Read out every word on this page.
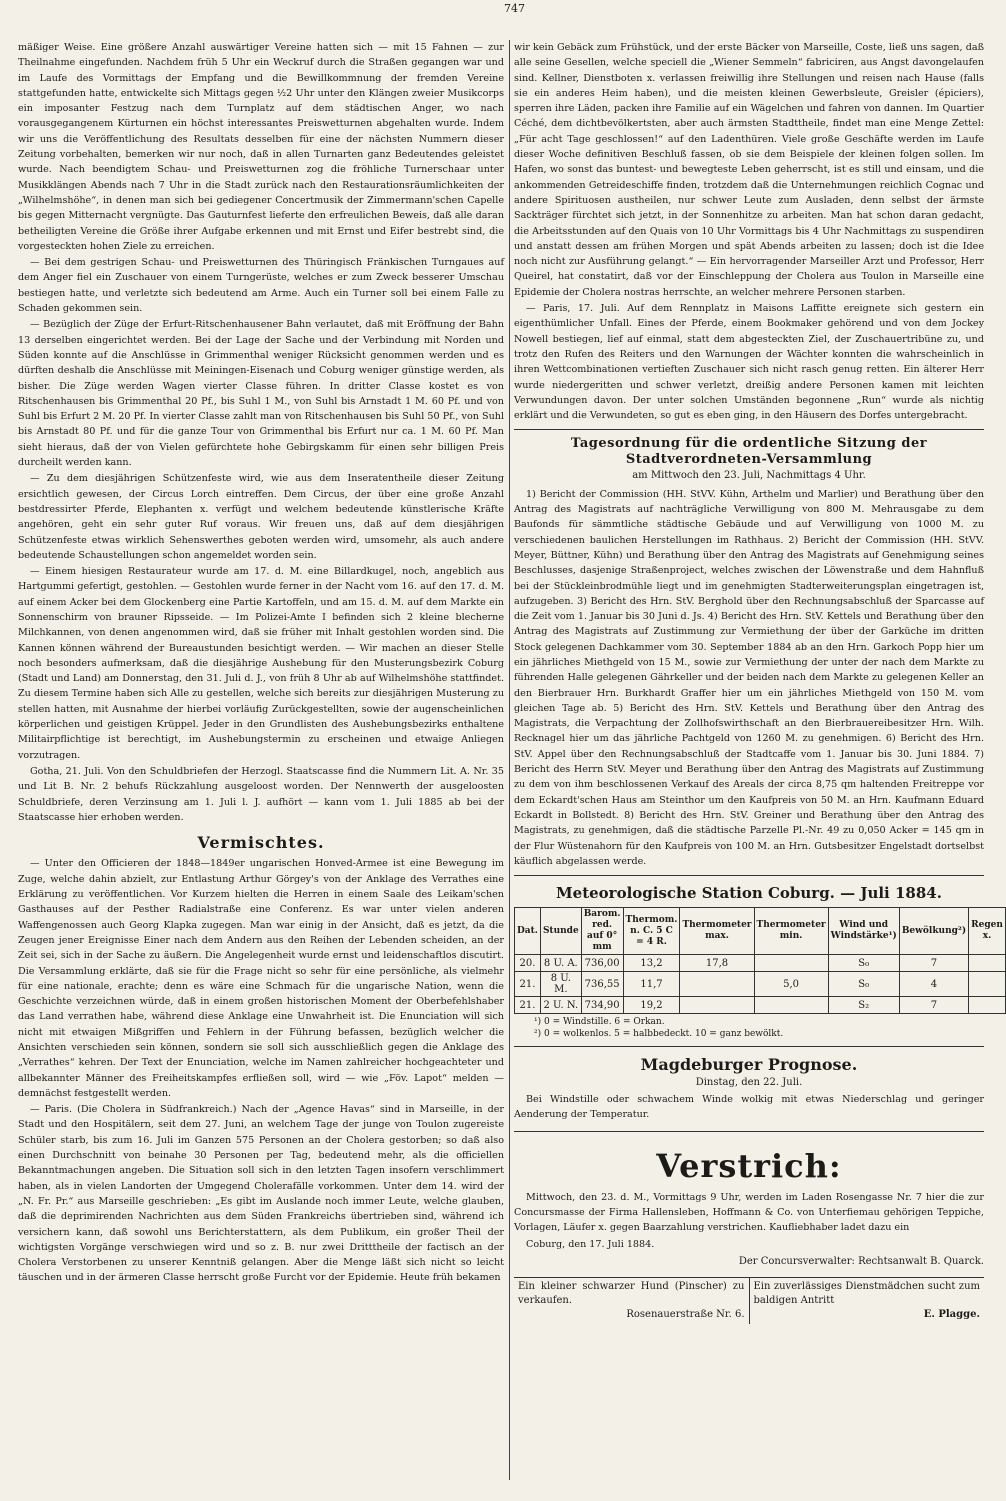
747

mäßiger Weise. Eine größere Anzahl auswärtiger Vereine hatten sich — mit 15 Fahnen — zur Theilnahme eingefunden. Nachdem früh 5 Uhr ein Weckruf durch die Straßen gegangen war und im Laufe des Vormittags der Empfang und die Bewillkommnung der fremden Vereine stattgefunden hatte, entwickelte sich Mittags gegen ½2 Uhr unter den Klängen zweier Musikcorps ein imposanter Festzug nach dem Turnplatz auf dem städtischen Anger, wo nach vorausgegangenem Kürturnen ein höchst interessantes Preiswetturnen abgehalten wurde. Indem wir uns die Veröffentlichung des Resultats desselben für eine der nächsten Nummern dieser Zeitung vorbehalten, bemerken wir nur noch, daß in allen Turnarten ganz Bedeutendes geleistet wurde. Nach beendigtem Schau- und Preiswetturnen zog die fröhliche Turnerschaar unter Musikklängen Abends nach 7 Uhr in die Stadt zurück nach den Restaurationsräumlichkeiten der „Wilhelmshöhe“, in denen man sich bei gediegener Concertmusik der Zimmermann'schen Capelle bis gegen Mitternacht vergnügte. Das Gauturnfest lieferte den erfreulichen Beweis, daß alle daran betheiligten Vereine die Größe ihrer Aufgabe erkennen und mit Ernst und Eifer bestrebt sind, die vorgesteckten hohen Ziele zu erreichen.

— Bei dem gestrigen Schau- und Preiswetturnen des Thüringisch Fränkischen Turngaues auf dem Anger fiel ein Zuschauer von einem Turngerüste, welches er zum Zweck besserer Umschau bestiegen hatte, und verletzte sich bedeutend am Arme. Auch ein Turner soll bei einem Falle zu Schaden gekommen sein.

— Bezüglich der Züge der Erfurt-Ritschenhausener Bahn verlautet, daß mit Eröffnung der Bahn 13 derselben eingerichtet werden. Bei der Lage der Sache und der Verbindung mit Norden und Süden konnte auf die Anschlüsse in Grimmenthal weniger Rücksicht genommen werden und es dürften deshalb die Anschlüsse mit Meiningen-Eisenach und Coburg weniger günstige werden, als bisher. Die Züge werden Wagen vierter Classe führen. In dritter Classe kostet es von Ritschenhausen bis Grimmenthal 20 Pf., bis Suhl 1 M., von Suhl bis Arnstadt 1 M. 60 Pf. und von Suhl bis Erfurt 2 M. 20 Pf. In vierter Classe zahlt man von Ritschenhausen bis Suhl 50 Pf., von Suhl bis Arnstadt 80 Pf. und für die ganze Tour von Grimmenthal bis Erfurt nur ca. 1 M. 60 Pf. Man sieht hieraus, daß der von Vielen gefürchtete hohe Gebirgskamm für einen sehr billigen Preis durcheilt werden kann.

— Zu dem diesjährigen Schützenfeste wird, wie aus dem Inseratentheile dieser Zeitung ersichtlich gewesen, der Circus Lorch eintreffen. Dem Circus, der über eine große Anzahl bestdressirter Pferde, Elephanten x. verfügt und welchem bedeutende künstlerische Kräfte angehören, geht ein sehr guter Ruf voraus. Wir freuen uns, daß auf dem diesjährigen Schützenfeste etwas wirklich Sehenswerthes geboten werden wird, umsomehr, als auch andere bedeutende Schaustellungen schon angemeldet worden sein.

— Einem hiesigen Restaurateur wurde am 17. d. M. eine Billardkugel, noch, angeblich aus Hartgummi gefertigt, gestohlen. — Gestohlen wurde ferner in der Nacht vom 16. auf den 17. d. M. auf einem Acker bei dem Glockenberg eine Partie Kartoffeln, und am 15. d. M. auf dem Markte ein Sonnenschirm von brauner Ripsseide. — Im Polizei-Amte I befinden sich 2 kleine blecherne Milchkannen, von denen angenommen wird, daß sie früher mit Inhalt gestohlen worden sind. Die Kannen können während der Bureaustunden besichtigt werden. — Wir machen an dieser Stelle noch besonders aufmerksam, daß die diesjährige Aushebung für den Musterungsbezirk Coburg (Stadt und Land) am Donnerstag, den 31. Juli d. J., von früh 8 Uhr ab auf Wilhelmshöhe stattfindet. Zu diesem Termine haben sich Alle zu gestellen, welche sich bereits zur diesjährigen Musterung zu stellen hatten, mit Ausnahme der hierbei vorläufig Zurückgestellten, sowie der augenscheinlichen körperlichen und geistigen Krüppel. Jeder in den Grundlisten des Aushebungsbezirks enthaltene Militairpflichtige ist berechtigt, im Aushebungstermin zu erscheinen und etwaige Anliegen vorzutragen.

Gotha, 21. Juli. Von den Schuldbriefen der Herzogl. Staatscasse find die Nummern Lit. A. Nr. 35 und Lit B. Nr. 2 behufs Rückzahlung ausgeloost worden. Der Nennwerth der ausgeloosten Schuldbriefe, deren Verzinsung am 1. Juli l. J. aufhört — kann vom 1. Juli 1885 ab bei der Staatscasse hier erhoben werden.

Vermischtes.

— Unter den Officieren der 1848—1849er ungarischen Honved-Armee ist eine Bewegung im Zuge, welche dahin abzielt, zur Entlastung Arthur Görgey's von der Anklage des Verrathes eine Erklärung zu veröffentlichen. Vor Kurzem hielten die Herren in einem Saale des Leikam'schen Gasthauses auf der Pesther Radialstraße eine Conferenz. Es war unter vielen anderen Waffengenossen auch Georg Klapka zugegen. Man war einig in der Ansicht, daß es jetzt, da die Zeugen jener Ereignisse Einer nach dem Andern aus den Reihen der Lebenden scheiden, an der Zeit sei, sich in der Sache zu äußern. Die Angelegenheit wurde ernst und leidenschaftlos discutirt. Die Versammlung erklärte, daß sie für die Frage nicht so sehr für eine persönliche, als vielmehr für eine nationale, erachte; denn es wäre eine Schmach für die ungarische Nation, wenn die Geschichte verzeichnen würde, daß in einem großen historischen Moment der Oberbefehlshaber das Land verrathen habe, während diese Anklage eine Unwahrheit ist. Die Enunciation will sich nicht mit etwaigen Mißgriffen und Fehlern in der Führung befassen, bezüglich welcher die Ansichten verschieden sein können, sondern sie soll sich ausschließlich gegen die Anklage des „Verrathes“ kehren. Der Text der Enunciation, welche im Namen zahlreicher hochgeachteter und allbekannter Männer des Freiheitskampfes erfließen soll, wird — wie „Föv. Lapot“ melden — demnächst festgestellt werden.

— Paris. (Die Cholera in Südfrankreich.) Nach der „Agence Havas“ sind in Marseille, in der Stadt und den Hospitälern, seit dem 27. Juni, an welchem Tage der junge von Toulon zugereiste Schüler starb, bis zum 16. Juli im Ganzen 575 Personen an der Cholera gestorben; so daß also einen Durchschnitt von beinahe 30 Personen per Tag, bedeutend mehr, als die officiellen Bekanntmachungen angeben. Die Situation soll sich in den letzten Tagen insofern verschlimmert haben, als in vielen Landorten der Umgegend Cholerafälle vorkommen. Unter dem 14. wird der „N. Fr. Pr.“ aus Marseille geschrieben: „Es gibt im Auslande noch immer Leute, welche glauben, daß die deprimirenden Nachrichten aus dem Süden Frankreichs übertrieben sind, während ich versichern kann, daß sowohl uns Berichterstattern, als dem Publikum, ein großer Theil der wichtigsten Vorgänge verschwiegen wird und so z. B. nur zwei Dritttheile der factisch an der Cholera Verstorbenen zu unserer Kenntniß gelangen. Aber die Menge läßt sich nicht so leicht täuschen und in der ärmeren Classe herrscht große Furcht vor der Epidemie. Heute früh bekamen

wir kein Gebäck zum Frühstück, und der erste Bäcker von Marseille, Coste, ließ uns sagen, daß alle seine Gesellen, welche speciell die „Wiener Semmeln“ fabriciren, aus Angst davongelaufen sind. Kellner, Dienstboten x. verlassen freiwillig ihre Stellungen und reisen nach Hause (falls sie ein anderes Heim haben), und die meisten kleinen Gewerbsleute, Greisler (épiciers), sperren ihre Läden, packen ihre Familie auf ein Wägelchen und fahren von dannen. Im Quartier Céché, dem dichtbevölkertsten, aber auch ärmsten Stadttheile, findet man eine Menge Zettel: „Für acht Tage geschlossen!“ auf den Ladenthüren. Viele große Geschäfte werden im Laufe dieser Woche definitiven Beschluß fassen, ob sie dem Beispiele der kleinen folgen sollen. Im Hafen, wo sonst das buntest- und bewegteste Leben geherrscht, ist es still und einsam, und die ankommenden Getreideschiffe finden, trotzdem daß die Unternehmungen reichlich Cognac und andere Spirituosen austheilen, nur schwer Leute zum Ausladen, denn selbst der ärmste Sackträger fürchtet sich jetzt, in der Sonnenhitze zu arbeiten. Man hat schon daran gedacht, die Arbeitsstunden auf den Quais von 10 Uhr Vormittags bis 4 Uhr Nachmittags zu suspendiren und anstatt dessen am frühen Morgen und spät Abends arbeiten zu lassen; doch ist die Idee noch nicht zur Ausführung gelangt.“ — Ein hervorragender Marseiller Arzt und Professor, Herr Queirel, hat constatirt, daß vor der Einschleppung der Cholera aus Toulon in Marseille eine Epidemie der Cholera nostras herrschte, an welcher mehrere Personen starben.

— Paris, 17. Juli. Auf dem Rennplatz in Maisons Laffitte ereignete sich gestern ein eigenthümlicher Unfall. Eines der Pferde, einem Bookmaker gehörend und von dem Jockey Nowell bestiegen, lief auf einmal, statt dem abgesteckten Ziel, der Zuschauertribüne zu, und trotz den Rufen des Reiters und den Warnungen der Wächter konnten die wahrscheinlich in ihren Wettcombinationen vertieften Zuschauer sich nicht rasch genug retten. Ein älterer Herr wurde niedergeritten und schwer verletzt, dreißig andere Personen kamen mit leichten Verwundungen davon. Der unter solchen Umständen begonnene „Run“ wurde als nichtig erklärt und die Verwundeten, so gut es eben ging, in den Häusern des Dorfes untergebracht.

Tagesordnung für die ordentliche Sitzung der Stadtverordneten-Versammlung
am Mittwoch den 23. Juli, Nachmittags 4 Uhr.

1) Bericht der Commission (HH. StVV. Kühn, Arthelm und Marlier) und Berathung über den Antrag des Magistrats auf nachträgliche Verwilligung von 800 M. Mehrausgabe zu dem Baufonds für sämmtliche städtische Gebäude und auf Verwilligung von 1000 M. zu verschiedenen baulichen Herstellungen im Rathhaus. 2) Bericht der Commission (HH. StVV. Meyer, Büttner, Kühn) und Berathung über den Antrag des Magistrats auf Genehmigung seines Beschlusses, dasjenige Straßenproject, welches zwischen der Löwenstraße und dem Hahnfluß bei der Stückleinbrodmühle liegt und im genehmigten Stadterweiterungsplan eingetragen ist, aufzugeben. 3) Bericht des Hrn. StV. Berghold über den Rechnungsabschluß der Sparcasse auf die Zeit vom 1. Januar bis 30 Juni d. Js. 4) Bericht des Hrn. StV. Kettels und Berathung über den Antrag des Magistrats auf Zustimmung zur Vermiethung der über der Garküche im dritten Stock gelegenen Dachkammer vom 30. September 1884 ab an den Hrn. Garkoch Popp hier um ein jährliches Miethgeld von 15 M., sowie zur Vermiethung der unter der nach dem Markte zu führenden Halle gelegenen Gährkeller und der beiden nach dem Markte zu gelegenen Keller an den Bierbrauer Hrn. Burkhardt Graffer hier um ein jährliches Miethgeld von 150 M. vom gleichen Tage ab. 5) Bericht des Hrn. StV. Kettels und Berathung über den Antrag des Magistrats, die Verpachtung der Zollhofswirthschaft an den Bierbrauereibesitzer Hrn. Wilh. Recknagel hier um das jährliche Pachtgeld von 1260 M. zu genehmigen. 6) Bericht des Hrn. StV. Appel über den Rechnungsabschluß der Stadtcaffe vom 1. Januar bis 30. Juni 1884. 7) Bericht des Herrn StV. Meyer und Berathung über den Antrag des Magistrats auf Zustimmung zu dem von ihm beschlossenen Verkauf des Areals der circa 8,75 qm haltenden Freitreppe vor dem Eckardt'schen Haus am Steinthor um den Kaufpreis von 50 M. an Hrn. Kaufmann Eduard Eckardt in Bollstedt. 8) Bericht des Hrn. StV. Greiner und Berathung über den Antrag des Magistrats, zu genehmigen, daß die städtische Parzelle Pl.-Nr. 49 zu 0,050 Acker = 145 qm in der Flur Wüstenahorn für den Kaufpreis von 100 M. an Hrn. Gutsbesitzer Engelstadt dortselbst käuflich abgelassen werde.

Meteorologische Station Coburg. — Juli 1884.
Dat.	Stunde	Barom. red. auf 0° mm	Thermom. n. C. 5 C = 4 R.	Thermometer max.	Thermometer min.	Wind und Windstärke¹)	Bewölkung²)	Regen x.
20.	8 U. A.	736,00	13,2	17,8		S₀	7	
21.	8 U. M.	736,55	11,7		5,0	S₀	4	
21.	2 U. N.	734,90	19,2			S₂	7	
¹) 0 = Windstille. 6 = Orkan.
²) 0 = wolkenlos. 5 = halbbedeckt. 10 = ganz bewölkt.
Magdeburger Prognose.
Dinstag, den 22. Juli.

Bei Windstille oder schwachem Winde wolkig mit etwas Niederschlag und geringer Aenderung der Temperatur.

Verstrich:

Mittwoch, den 23. d. M., Vormittags 9 Uhr, werden im Laden Rosengasse Nr. 7 hier die zur Concursmasse der Firma Hallensleben, Hoffmann & Co. von Unterfiemau gehörigen Teppiche, Vorlagen, Läufer x. gegen Baarzahlung verstrichen. Kaufliebhaber ladet dazu ein

Coburg, den 17. Juli 1884.

Der Concursverwalter: Rechtsanwalt B. Quarck.
Ein kleiner schwarzer Hund (Pinscher) zu verkaufen.
Rosenauerstraße Nr. 6.
Ein zuverlässiges Dienstmädchen sucht zum baldigen Antritt
E. Plagge.
